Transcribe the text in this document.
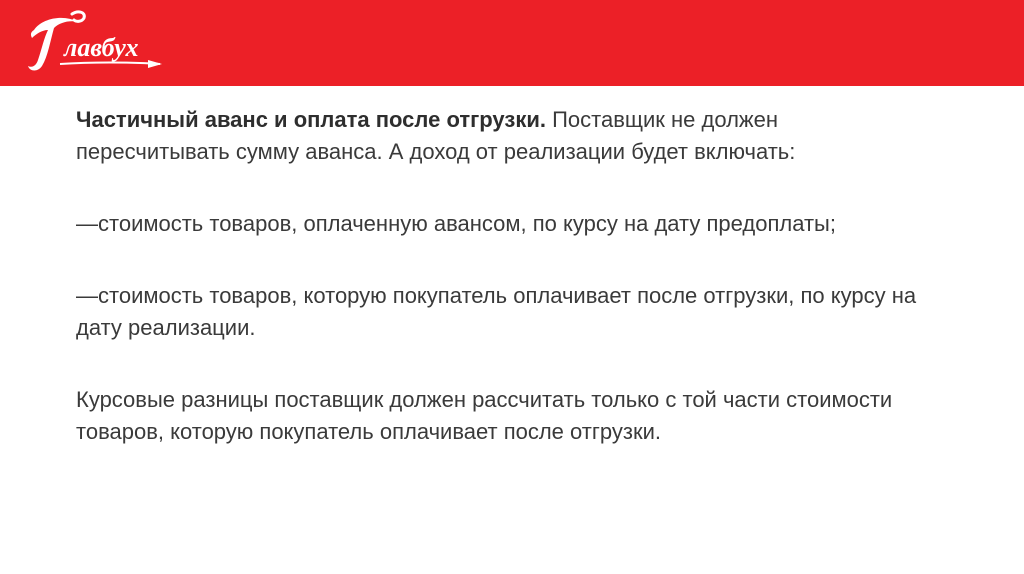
лавбух

Частичный аванс и оплата после отгрузки. Поставщик не должен пересчитывать сумму аванса. А доход от реализации будет включать:

—стоимость товаров, оплаченную авансом, по курсу на дату предоплаты;

—стоимость товаров, которую покупатель оплачивает после отгрузки, по курсу на дату реализации.

Курсовые разницы поставщик должен рассчитать только с той части стоимости товаров, которую покупатель оплачивает после отгрузки.
